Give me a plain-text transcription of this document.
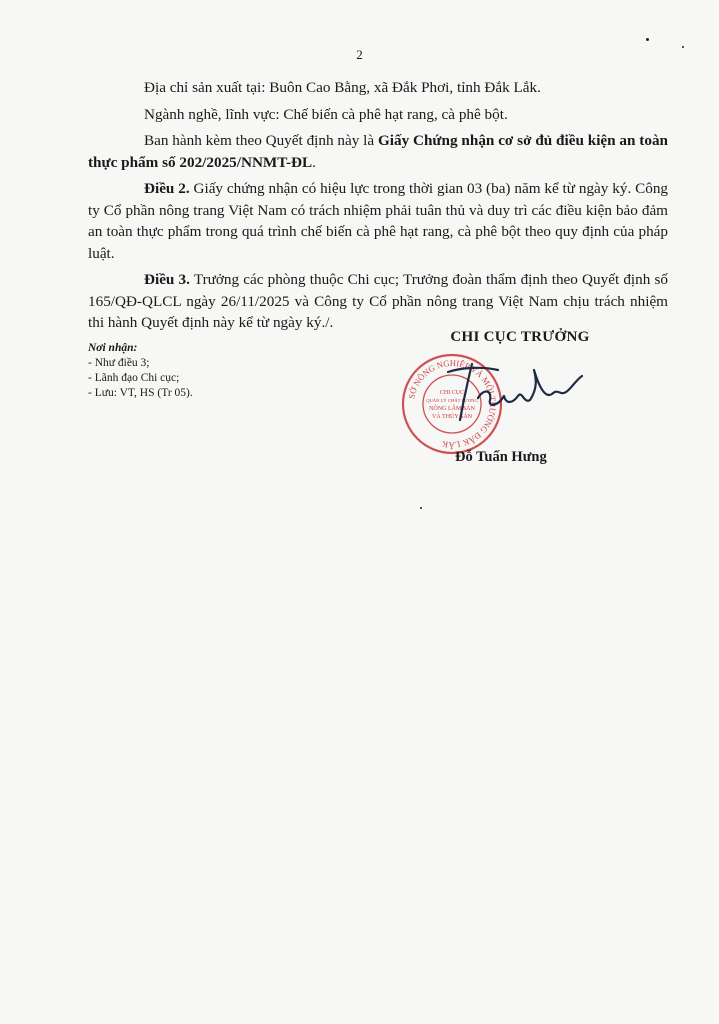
2

Địa chỉ sản xuất tại: Buôn Cao Bằng, xã Đắk Phơi, tỉnh Đắk Lắk.

Ngành nghề, lĩnh vực: Chế biến cà phê hạt rang, cà phê bột.

Ban hành kèm theo Quyết định này là Giấy Chứng nhận cơ sở đủ điều kiện an toàn thực phẩm số 202/2025/NNMT-ĐL.

Điều 2. Giấy chứng nhận có hiệu lực trong thời gian 03 (ba) năm kể từ ngày ký. Công ty Cổ phần nông trang Việt Nam có trách nhiệm phải tuân thủ và duy trì các điều kiện bảo đảm an toàn thực phẩm trong quá trình chế biến cà phê hạt rang, cà phê bột theo quy định của pháp luật.

Điều 3. Trưởng các phòng thuộc Chi cục; Trưởng đoàn thẩm định theo Quyết định số 165/QĐ-QLCL ngày 26/11/2025 và Công ty Cổ phần nông trang Việt Nam chịu trách nhiệm thi hành Quyết định này kể từ ngày ký./.

Nơi nhận:
- Như điều 3;
- Lãnh đạo Chi cục;
- Lưu: VT, HS (Tr 05).
CHI CỤC TRƯỞNG
SỞ NÔNG NGHIỆP VÀ MÔI TRƯỜNG ĐẮK LẮK
CHI CỤC
QUẢN LÝ CHẤT LƯỢNG
NÔNG LÂM SẢN
VÀ THỦY SẢN
Đỗ Tuấn Hưng
